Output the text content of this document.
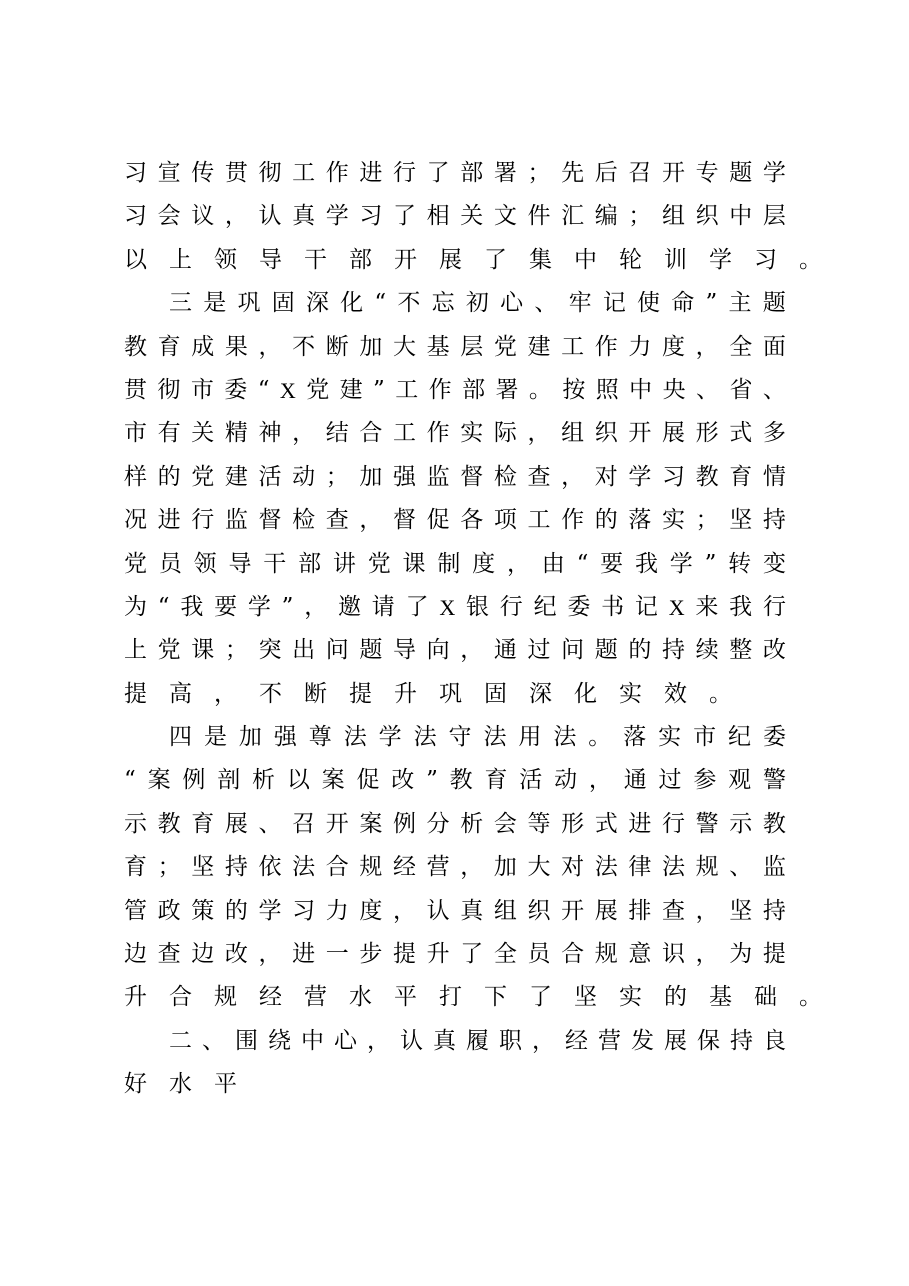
习 宣 传 贯 彻 工 作 进 行 了 部 署 ； 先 后 召 开 专 题 学
习 会 议 ， 认 真 学 习 了 相 关 文 件 汇 编 ； 组 织 中 层
以 上 领 导 干 部 开 展 了 集 中 轮 训 学 习 。
三 是 巩 固 深 化 “ 不 忘 初 心 、 牢 记 使 命 ” 主 题
教 育 成 果 ， 不 断 加 大 基 层 党 建 工 作 力 度 ， 全 面
贯 彻 市 委 “ X 党 建 ” 工 作 部 署 。 按 照 中 央 、 省 、
市 有 关 精 神 ， 结 合 工 作 实 际 ， 组 织 开 展 形 式 多
样 的 党 建 活 动 ； 加 强 监 督 检 查 ， 对 学 习 教 育 情
况 进 行 监 督 检 查 ， 督 促 各 项 工 作 的 落 实 ； 坚 持
党 员 领 导 干 部 讲 党 课 制 度 ， 由 “ 要 我 学 ” 转 变
为 “ 我 要 学 ” ， 邀 请 了 X 银 行 纪 委 书 记 X 来 我 行
上 党 课 ； 突 出 问 题 导 向 ， 通 过 问 题 的 持 续 整 改
提 高 ， 不 断 提 升 巩 固 深 化 实 效 。
四 是 加 强 尊 法 学 法 守 法 用 法 。 落 实 市 纪 委
“ 案 例 剖 析 以 案 促 改 ” 教 育 活 动 ， 通 过 参 观 警
示 教 育 展 、 召 开 案 例 分 析 会 等 形 式 进 行 警 示 教
育 ； 坚 持 依 法 合 规 经 营 ， 加 大 对 法 律 法 规 、 监
管 政 策 的 学 习 力 度 ， 认 真 组 织 开 展 排 查 ， 坚 持
边 查 边 改 ， 进 一 步 提 升 了 全 员 合 规 意 识 ， 为 提
升 合 规 经 营 水 平 打 下 了 坚 实 的 基 础 。
二 、 围 绕 中 心 ， 认 真 履 职 ， 经 营 发 展 保 持 良
好 水 平
